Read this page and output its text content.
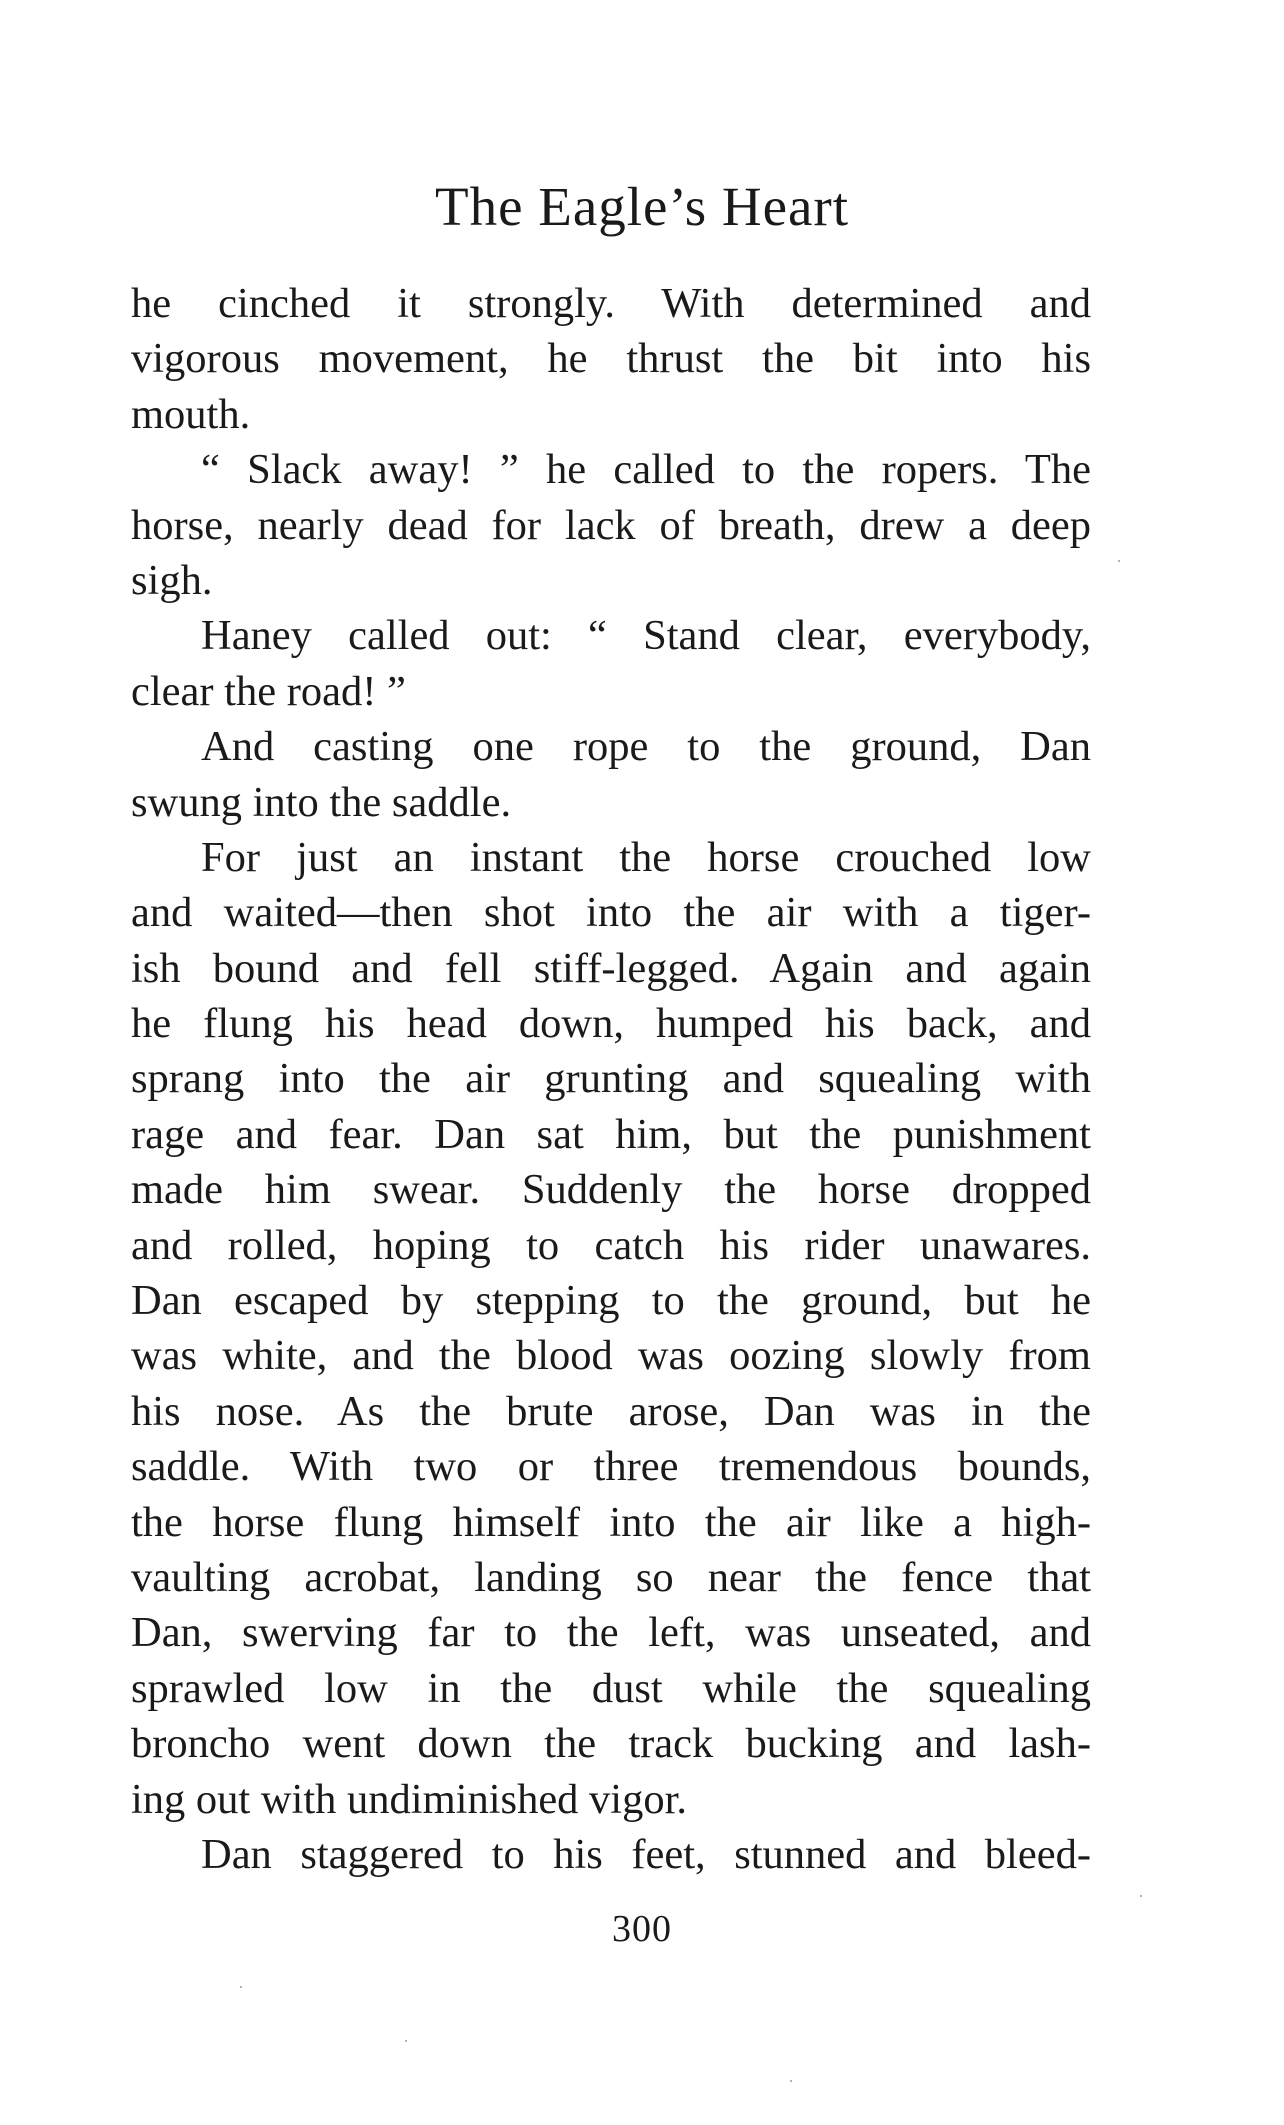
The Eagle’s Heart
he cinched it strongly. With determined and
vigorous movement, he thrust the bit into his
mouth.
“ Slack away! ” he called to the ropers. The
horse, nearly dead for lack of breath, drew a deep
sigh.
Haney called out: “ Stand clear, everybody,
clear the road! ”
And casting one rope to the ground, Dan
swung into the saddle.
For just an instant the horse crouched low
and waited—then shot into the air with a tiger-
ish bound and fell stiff-legged. Again and again
he flung his head down, humped his back, and
sprang into the air grunting and squealing with
rage and fear. Dan sat him, but the punishment
made him swear. Suddenly the horse dropped
and rolled, hoping to catch his rider unawares.
Dan escaped by stepping to the ground, but he
was white, and the blood was oozing slowly from
his nose. As the brute arose, Dan was in the
saddle. With two or three tremendous bounds,
the horse flung himself into the air like a high-
vaulting acrobat, landing so near the fence that
Dan, swerving far to the left, was unseated, and
sprawled low in the dust while the squealing
broncho went down the track bucking and lash-
ing out with undiminished vigor.
Dan staggered to his feet, stunned and bleed-
300
